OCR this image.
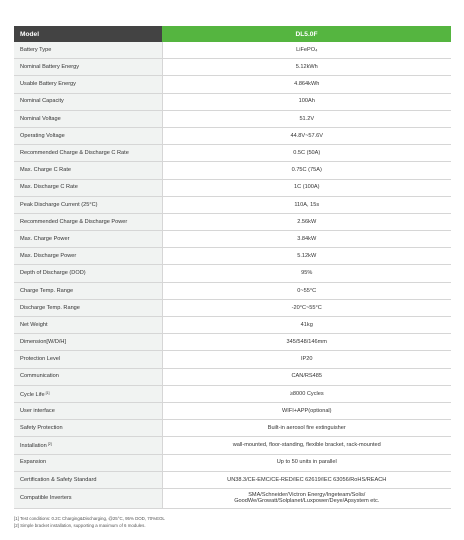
Model	DL5.0F
Battery Type	LiFePO₄
Nominal Battery Energy	5.12kWh
Usable Battery Energy	4.864kWh
Nominal Capacity	100Ah
Nominal Voltage	51.2V
Operating Voltage	44.8V~57.6V
Recommended Charge & Discharge C Rate	0.5C (50A)
Max. Charge C Rate	0.75C (75A)
Max. Discharge C Rate	1C (100A)
Peak Discharge Current (25°C)	110A, 15s
Recommended Charge & Discharge Power	2.56kW
Max. Charge Power	3.84kW
Max. Discharge Power	5.12kW
Depth of Discharge (DOD)	95%
Charge Temp. Range	0~55°C
Discharge Temp. Range	-20°C~55°C
Net Weight	41kg
Dimension[W/D/H]	345/548/146mm
Protection Level	IP20
Communication	CAN/RS485
Cycle Life[1]	≥8000 Cycles
User interface	WIFI+APP(optional)
Safety Protection	Built-in aerosol fire extinguisher
Installation[2]	wall-mounted, floor-standing, flexible bracket, rack-mounted
Expansion	Up to 50 units in parallel
Certification & Safety Standard	UN38.3/CE-EMC/CE-RED/IEC 62619/IEC 63056/RoHS/REACH
Compatible Inverters	SMA/Schneider/Victron Energy/Ingeteam/Solis/
GoodWe/Growatt/Solplanet/Luxpower/Deye/Apsystem etc.
[1] Test conditions: 0.2C Charging&Discharging, @25°C, 95% DOD, 70%EOL
[2] Simple bracket installation, supporting a maximum of 6 modules.
